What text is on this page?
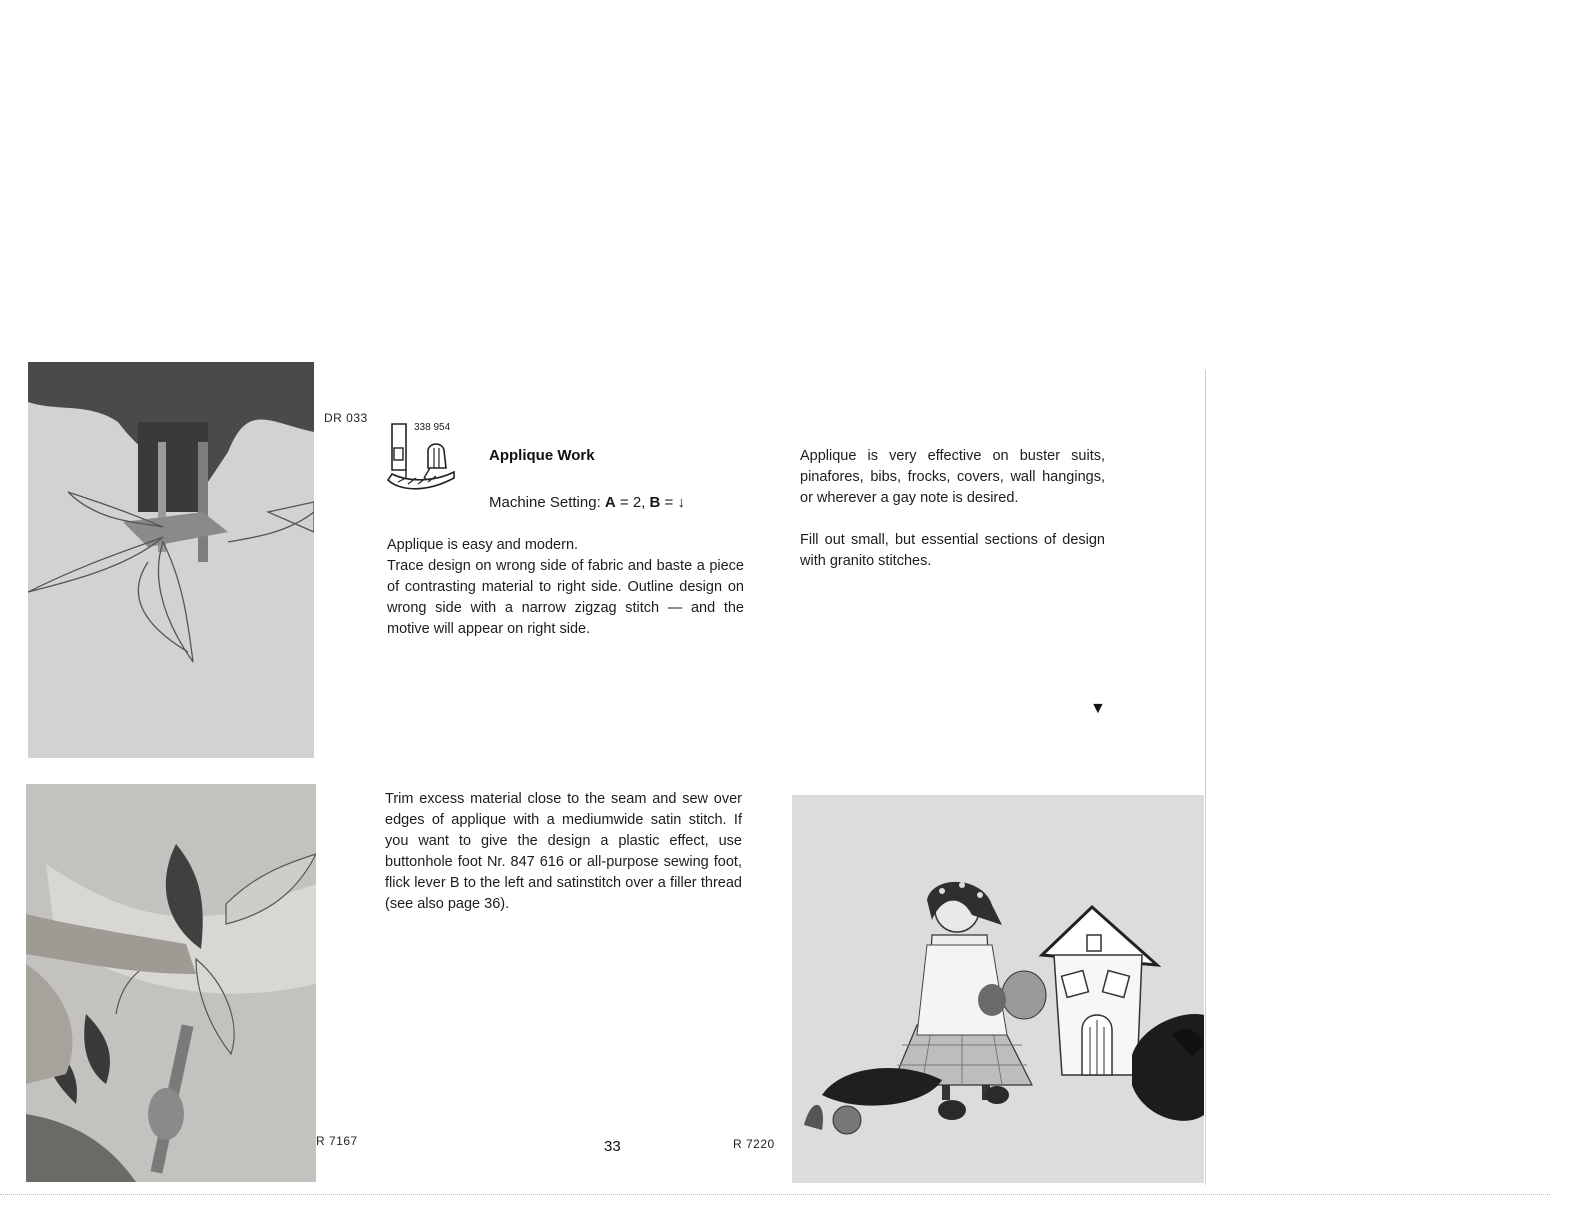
DR 033
R 7167	R 7220
338 954
Applique Work
Machine Setting: A = 2, B = ↓

Applique is easy and modern.

Trace design on wrong side of fabric and baste a piece of contrasting material to right side. Outline design on wrong side with a narrow zigzag stitch — and the motive will appear on right side.

Applique is very effective on buster suits, pinafores, bibs, frocks, covers, wall hangings, or wherever a gay note is desired.
Fill out small, but essential sections of design with granito stitches.
▼
Trim excess material close to the seam and sew over edges of applique with a mediumwide satin stitch. If you want to give the design a plastic effect, use buttonhole foot Nr. 847 616 or all-purpose sewing foot, flick lever B to the left and satinstitch over a filler thread (see also page 36).
33
